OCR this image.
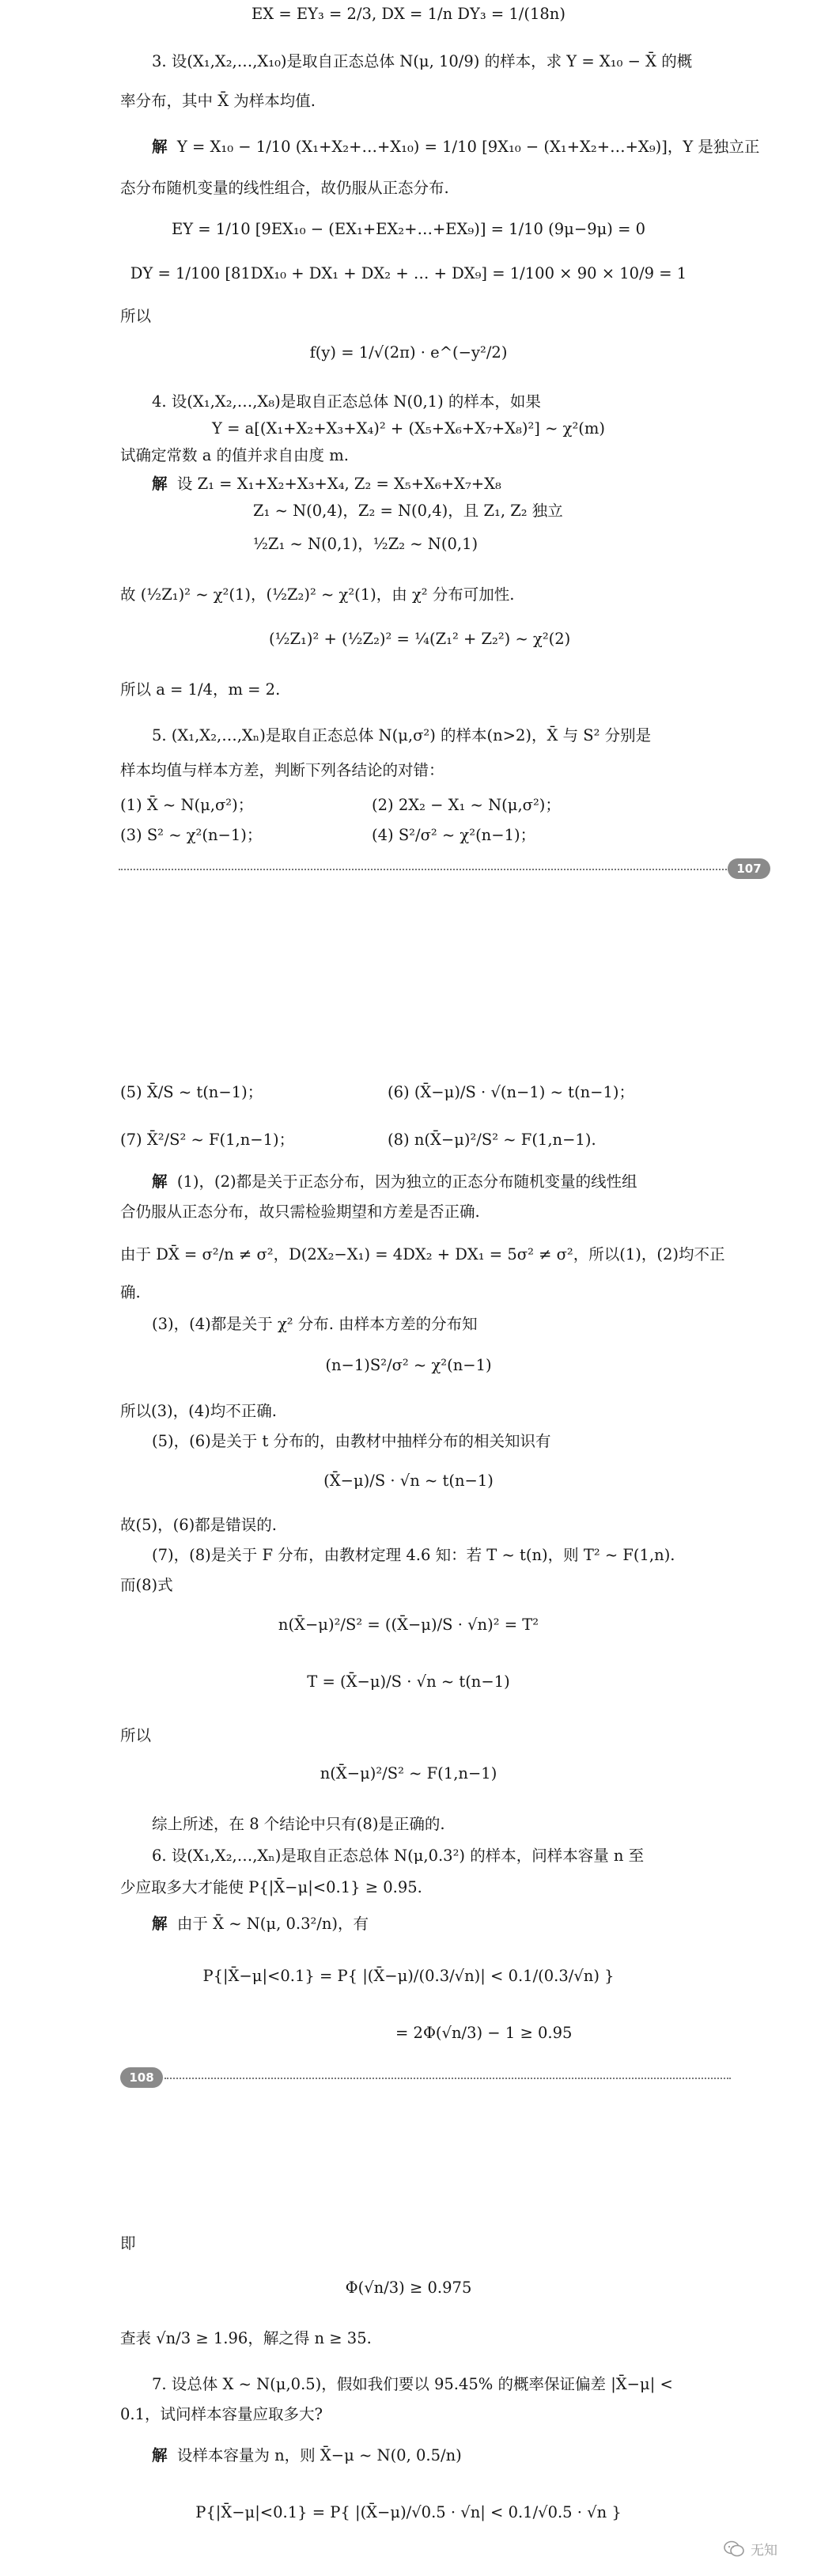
EX = EY₃ = 2/3, DX = 1/n DY₃ = 1/(18n)
3. 设(X₁,X₂,…,X₁₀)是取自正态总体 N(μ, 10/9) 的样本，求 Y = X₁₀ − X̄ 的概
率分布，其中 X̄ 为样本均值.
解 Y = X₁₀ − 1/10 (X₁+X₂+…+X₁₀) = 1/10 [9X₁₀ − (X₁+X₂+…+X₉)]，Y 是独立正
态分布随机变量的线性组合，故仍服从正态分布.
EY = 1/10 [9EX₁₀ − (EX₁+EX₂+…+EX₉)] = 1/10 (9μ−9μ) = 0
DY = 1/100 [81DX₁₀ + DX₁ + DX₂ + … + DX₉] = 1/100 × 90 × 10/9 = 1
所以
f(y) = 1/√(2π) · e^(−y²/2)
4. 设(X₁,X₂,…,X₈)是取自正态总体 N(0,1) 的样本，如果
Y = a[(X₁+X₂+X₃+X₄)² + (X₅+X₆+X₇+X₈)²] ~ χ²(m)
试确定常数 a 的值并求自由度 m.
解 设 Z₁ = X₁+X₂+X₃+X₄, Z₂ = X₅+X₆+X₇+X₈
Z₁ ~ N(0,4)，Z₂ = N(0,4)，且 Z₁, Z₂ 独立
½Z₁ ~ N(0,1)，½Z₂ ~ N(0,1)
故 (½Z₁)² ~ χ²(1)，(½Z₂)² ~ χ²(1)，由 χ² 分布可加性.
(½Z₁)² + (½Z₂)² = ¼(Z₁² + Z₂²) ~ χ²(2)
所以 a = 1/4，m = 2.
5. (X₁,X₂,…,Xₙ)是取自正态总体 N(μ,σ²) 的样本(n>2)，X̄ 与 S² 分别是
样本均值与样本方差，判断下列各结论的对错：
(1) X̄ ~ N(μ,σ²)；	(2) 2X₂ − X₁ ~ N(μ,σ²)；
(3) S² ~ χ²(n−1)；	(4) S²/σ² ~ χ²(n−1)；
107
(5) X̄/S ~ t(n−1)；	(6) (X̄−μ)/S · √(n−1) ~ t(n−1)；
(7) X̄²/S² ~ F(1,n−1)；	(8) n(X̄−μ)²/S² ~ F(1,n−1).
解 (1)，(2)都是关于正态分布，因为独立的正态分布随机变量的线性组
合仍服从正态分布，故只需检验期望和方差是否正确.
由于 DX̄ = σ²/n ≠ σ²，D(2X₂−X₁) = 4DX₂ + DX₁ = 5σ² ≠ σ²，所以(1)，(2)均不正
确.
(3)，(4)都是关于 χ² 分布. 由样本方差的分布知
(n−1)S²/σ² ~ χ²(n−1)
所以(3)，(4)均不正确.
(5)，(6)是关于 t 分布的，由教材中抽样分布的相关知识有
(X̄−μ)/S · √n ~ t(n−1)
故(5)，(6)都是错误的.
(7)，(8)是关于 F 分布，由教材定理 4.6 知：若 T ~ t(n)，则 T² ~ F(1,n).
而(8)式
n(X̄−μ)²/S² = ((X̄−μ)/S · √n)² = T²
T = (X̄−μ)/S · √n ~ t(n−1)
所以
n(X̄−μ)²/S² ~ F(1,n−1)
综上所述，在 8 个结论中只有(8)是正确的.
6. 设(X₁,X₂,…,Xₙ)是取自正态总体 N(μ,0.3²) 的样本，问样本容量 n 至
少应取多大才能使 P{|X̄−μ|<0.1} ≥ 0.95.
解 由于 X̄ ~ N(μ, 0.3²/n)，有
P{|X̄−μ|<0.1} = P{ |(X̄−μ)/(0.3/√n)| < 0.1/(0.3/√n) }
= 2Φ(√n/3) − 1 ≥ 0.95
108
即
Φ(√n/3) ≥ 0.975
查表 √n/3 ≥ 1.96，解之得 n ≥ 35.
7. 设总体 X ~ N(μ,0.5)，假如我们要以 95.45% 的概率保证偏差 |X̄−μ| <
0.1，试问样本容量应取多大?
解 设样本容量为 n，则 X̄−μ ~ N(0, 0.5/n)
P{|X̄−μ|<0.1} = P{ |(X̄−μ)/√0.5 · √n| < 0.1/√0.5 · √n }
无知
